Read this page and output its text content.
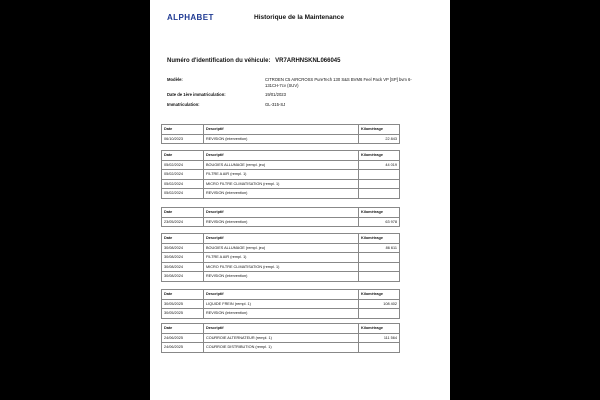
ALPHABET	Historique de la Maintenance
Numéro d'identification du véhicule: VR7ARHNSKNL066045
Modèle:	CITROEN C5 AIRCROSS PureTech 130 S&S BVM6 Feel Pack VP [SP] bvm 6-131CH-7cv (SUV)
Date de 1ère immatriculation:	19/01/2023
Immatriculation:	GL-315-SJ
Date	Descriptif	Kilométrage
06/10/2023	REVISION (intervention)	22 843
Date	Descriptif	Kilométrage
05/02/2024	BOUGIES ALLUMAGE (rempl. jeu)	44 019
05/02/2024	FILTRE A AIR (rempl. 1)	
05/02/2024	MICRO FILTRE CLIMATISATION (rempl. 1)	
05/02/2024	REVISION (intervention)	
Date	Descriptif	Kilométrage
23/05/2024	REVISION (intervention)	63 978
Date	Descriptif	Kilométrage
30/08/2024	BOUGIES ALLUMAGE (rempl. jeu)	86 611
30/08/2024	FILTRE A AIR (rempl. 1)	
30/08/2024	MICRO FILTRE CLIMATISATION (rempl. 1)	
30/08/2024	REVISION (intervention)	
Date	Descriptif	Kilométrage
30/05/2025	LIQUIDE FREIN (rempl. 1)	108 402
30/05/2025	REVISION (intervention)	
Date	Descriptif	Kilométrage
24/06/2025	COURROIE ALTERNATEUR (rempl. 1)	111 564
24/06/2025	COURROIE DISTRIBUTION (rempl. 1)	
